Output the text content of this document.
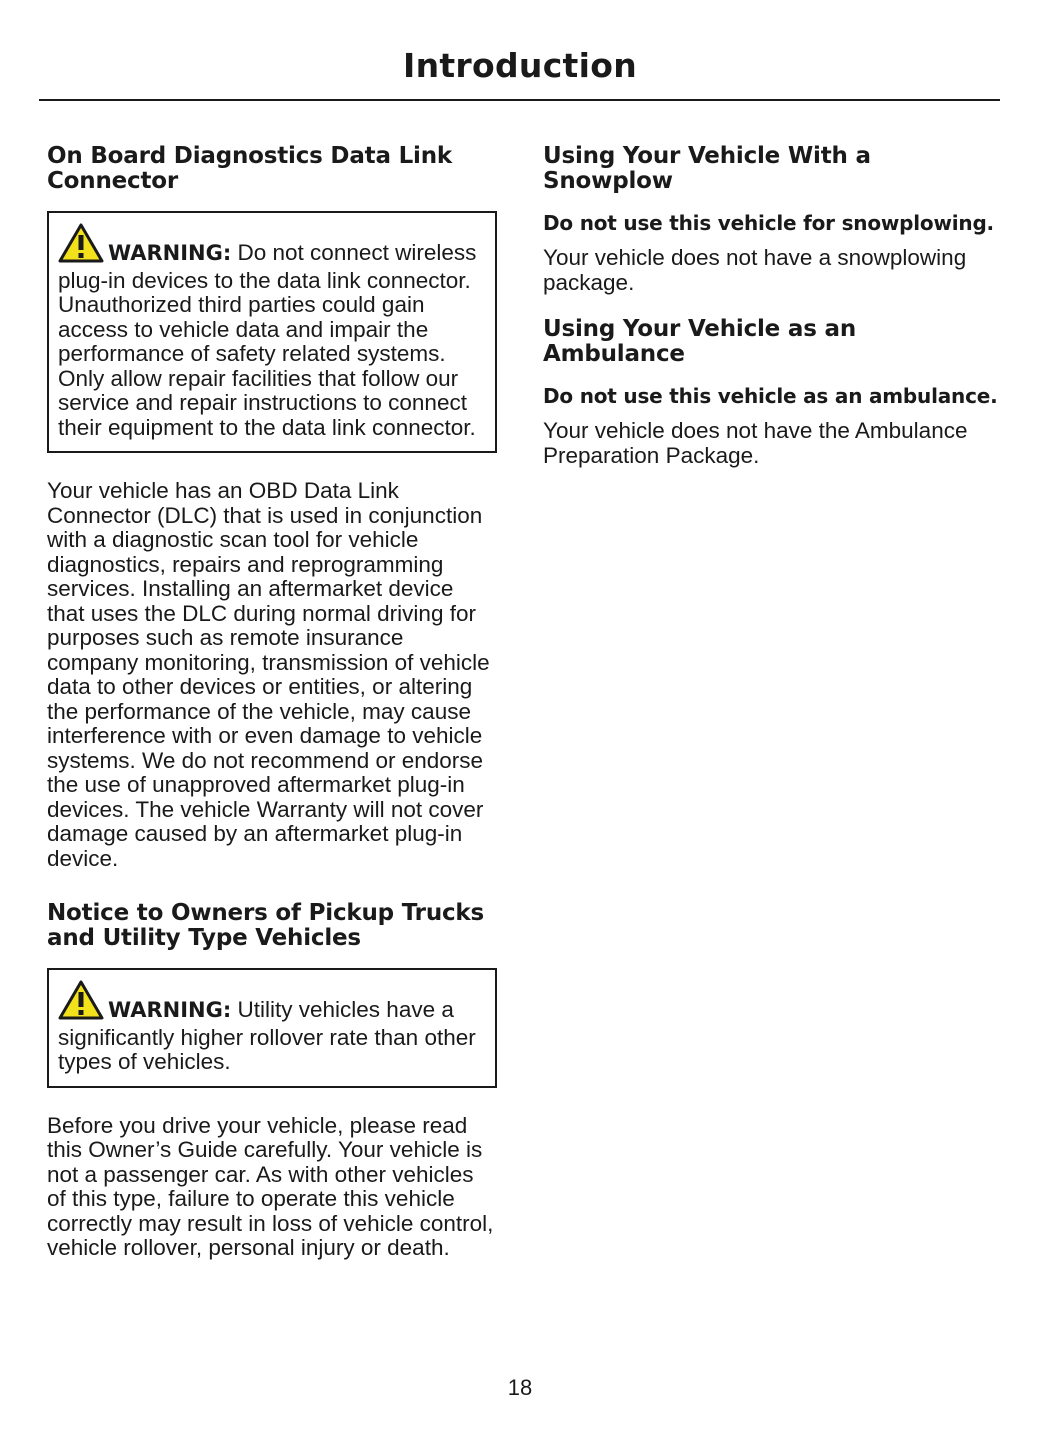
Introduction
On Board Diagnostics Data Link Connector
WARNING: Do not connect wireless plug-in devices to the data link connector. Unauthorized third parties could gain access to vehicle data and impair the performance of safety related systems. Only allow repair facilities that follow our service and repair instructions to connect their equipment to the data link connector.

Your vehicle has an OBD Data Link Connector (DLC) that is used in conjunction with a diagnostic scan tool for vehicle diagnostics, repairs and reprogramming services. Installing an aftermarket device that uses the DLC during normal driving for purposes such as remote insurance company monitoring, transmission of vehicle data to other devices or entities, or altering the performance of the vehicle, may cause interference with or even damage to vehicle systems. We do not recommend or endorse the use of unapproved aftermarket plug-in devices. The vehicle Warranty will not cover damage caused by an aftermarket plug-in device.

Notice to Owners of Pickup Trucks and Utility Type Vehicles
WARNING: Utility vehicles have a significantly higher rollover rate than other types of vehicles.

Before you drive your vehicle, please read this Owner’s Guide carefully. Your vehicle is not a passenger car. As with other vehicles of this type, failure to operate this vehicle correctly may result in loss of vehicle control, vehicle rollover, personal injury or death.

Using Your Vehicle With a Snowplow
Do not use this vehicle for snowplowing.

Your vehicle does not have a snowplowing package.

Using Your Vehicle as an Ambulance
Do not use this vehicle as an ambulance.

Your vehicle does not have the Ambulance Preparation Package.

18
